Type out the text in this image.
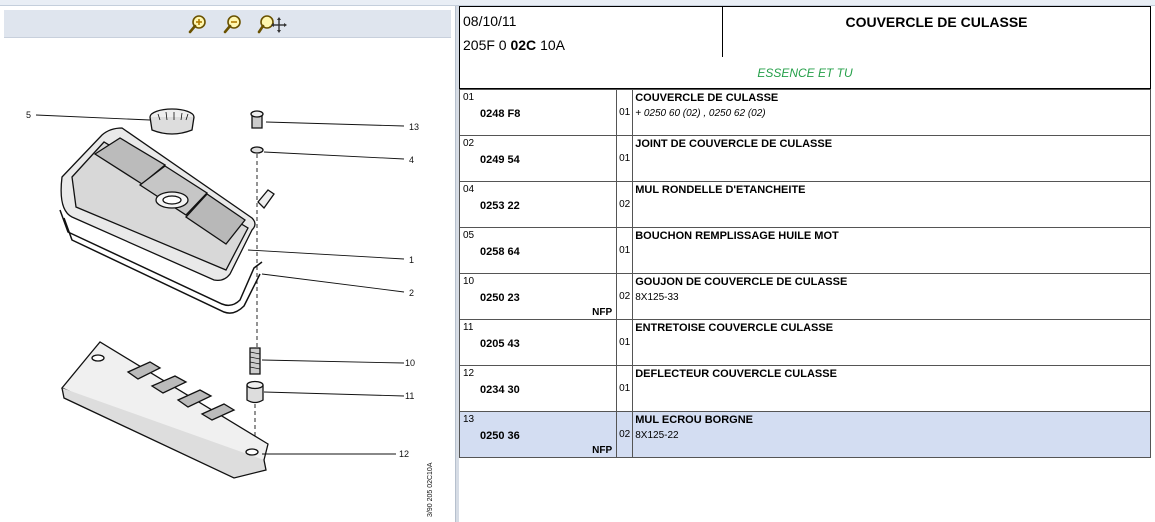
5
13
4
1
2
10
11
12
3/90 205 02C10A
08/10/11
205F 0 02C 10A
COUVERCLE DE CULASSE
ESSENCE ET TU
01
0248 F8	01	COUVERCLE DE CULASSE
+ 0250 60 (02) , 0250 62 (02)

02
0249 54	01	JOINT DE COUVERCLE DE CULASSE

04
0253 22	02	MUL RONDELLE D'ETANCHEITE

05
0258 64	01	BOUCHON REMPLISSAGE HUILE MOT

10
0250 23
NFP	02	GOUJON DE COUVERCLE DE CULASSE
8X125-33

11
0205 43	01	ENTRETOISE COUVERCLE CULASSE

12
0234 30	01	DEFLECTEUR COUVERCLE CULASSE

13
0250 36
NFP	02	MUL ECROU BORGNE
8X125-22
